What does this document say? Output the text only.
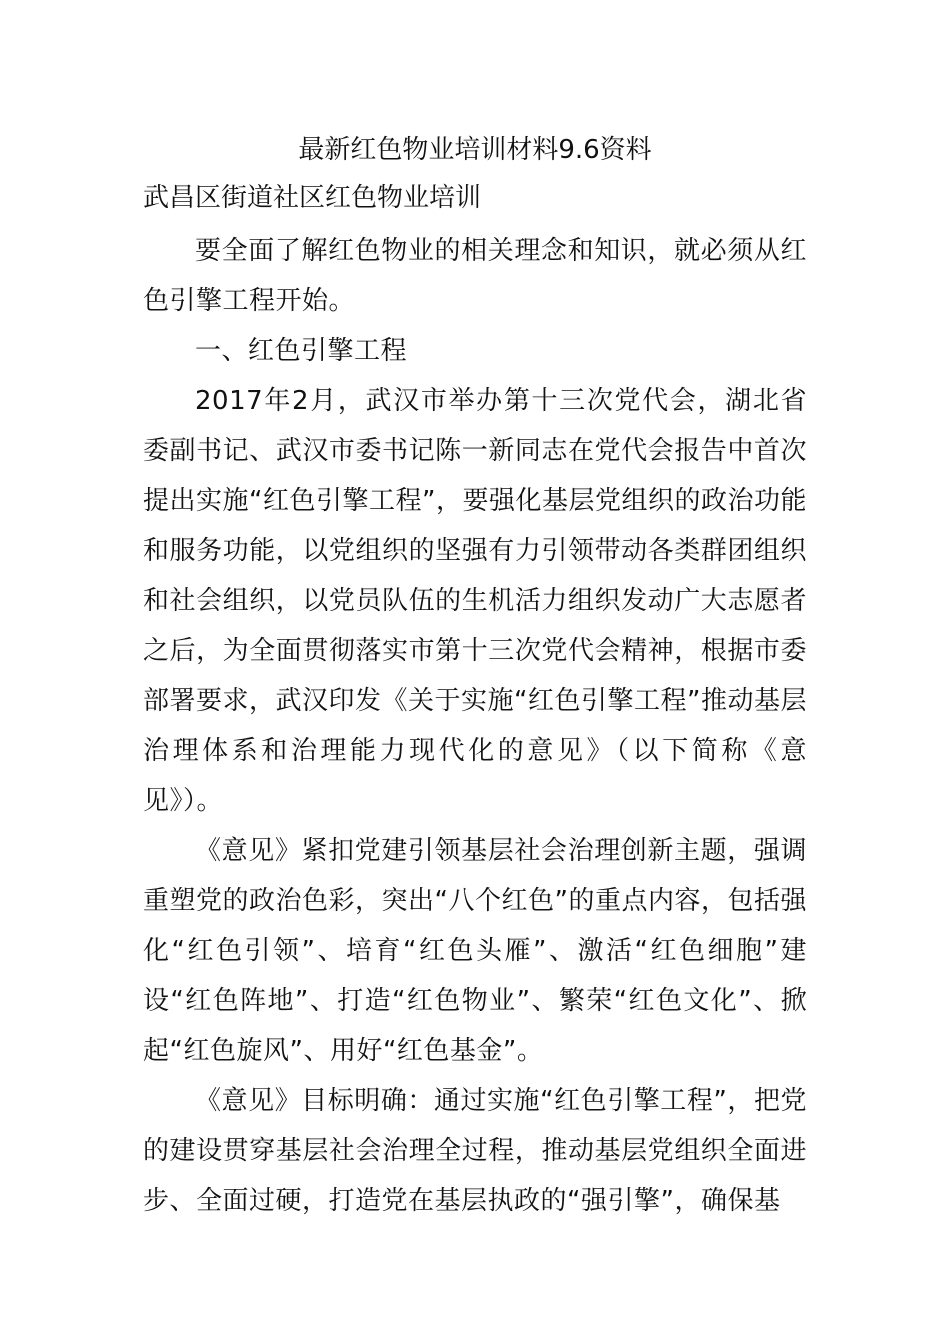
最新红色物业培训材料9.6资料
武昌区街道社区红色物业培训

要全面了解红色物业的相关理念和知识，就必须从红色引擎工程开始。

一、红色引擎工程

2017年2月，武汉市举办第十三次党代会，湖北省委副书记、武汉市委书记陈一新同志在党代会报告中首次提出实施“红色引擎工程”，要强化基层党组织的政治功能和服务功能，以党组织的坚强有力引领带动各类群团组织和社会组织，以党员队伍的生机活力组织发动广大志愿者之后，为全面贯彻落实市第十三次党代会精神，根据市委部署要求，武汉印发《关于实施“红色引擎工程”推动基层治理体系和治理能力现代化的意见》（以下简称《意见》）。

《意见》紧扣党建引领基层社会治理创新主题，强调重塑党的政治色彩，突出“八个红色”的重点内容，包括强化“红色引领”、培育“红色头雁”、激活“红色细胞”建设“红色阵地”、打造“红色物业”、繁荣“红色文化”、掀起“红色旋风”、用好“红色基金”。

《意见》目标明确：通过实施“红色引擎工程”，把党的建设贯穿基层社会治理全过程，推动基层党组织全面进步、全面过硬，打造党在基层执政的“强引擎”，确保基
